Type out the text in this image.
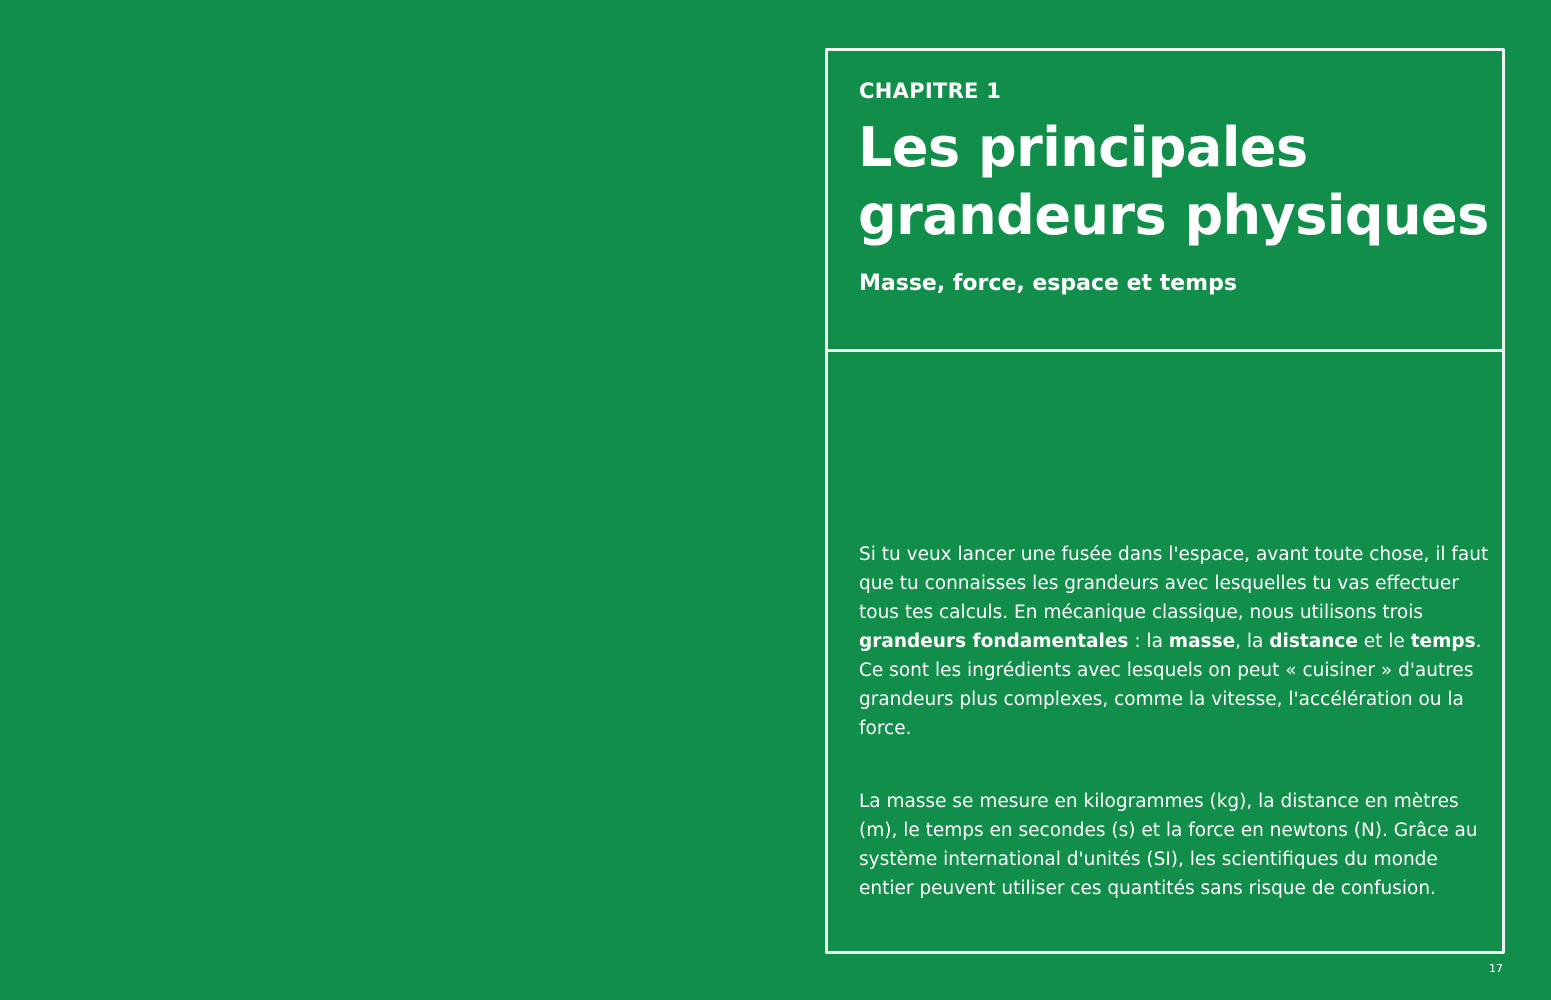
CHAPITRE 1

Les principales grandeurs physiques

Masse, force, espace et temps

Si tu veux lancer une fusée dans l'espace, avant toute chose, il faut que tu connaisses les grandeurs avec lesquelles tu vas effectuer tous tes calculs. En mécanique classique, nous utilisons trois grandeurs fondamentales : la masse, la distance et le temps. Ce sont les ingrédients avec lesquels on peut « cuisiner » d'autres grandeurs plus complexes, comme la vitesse, l'accélération ou la force.

La masse se mesure en kilogrammes (kg), la distance en mètres (m), le temps en secondes (s) et la force en newtons (N). Grâce au système international d'unités (SI), les scientifiques du monde entier peuvent utiliser ces quantités sans risque de confusion.

17
